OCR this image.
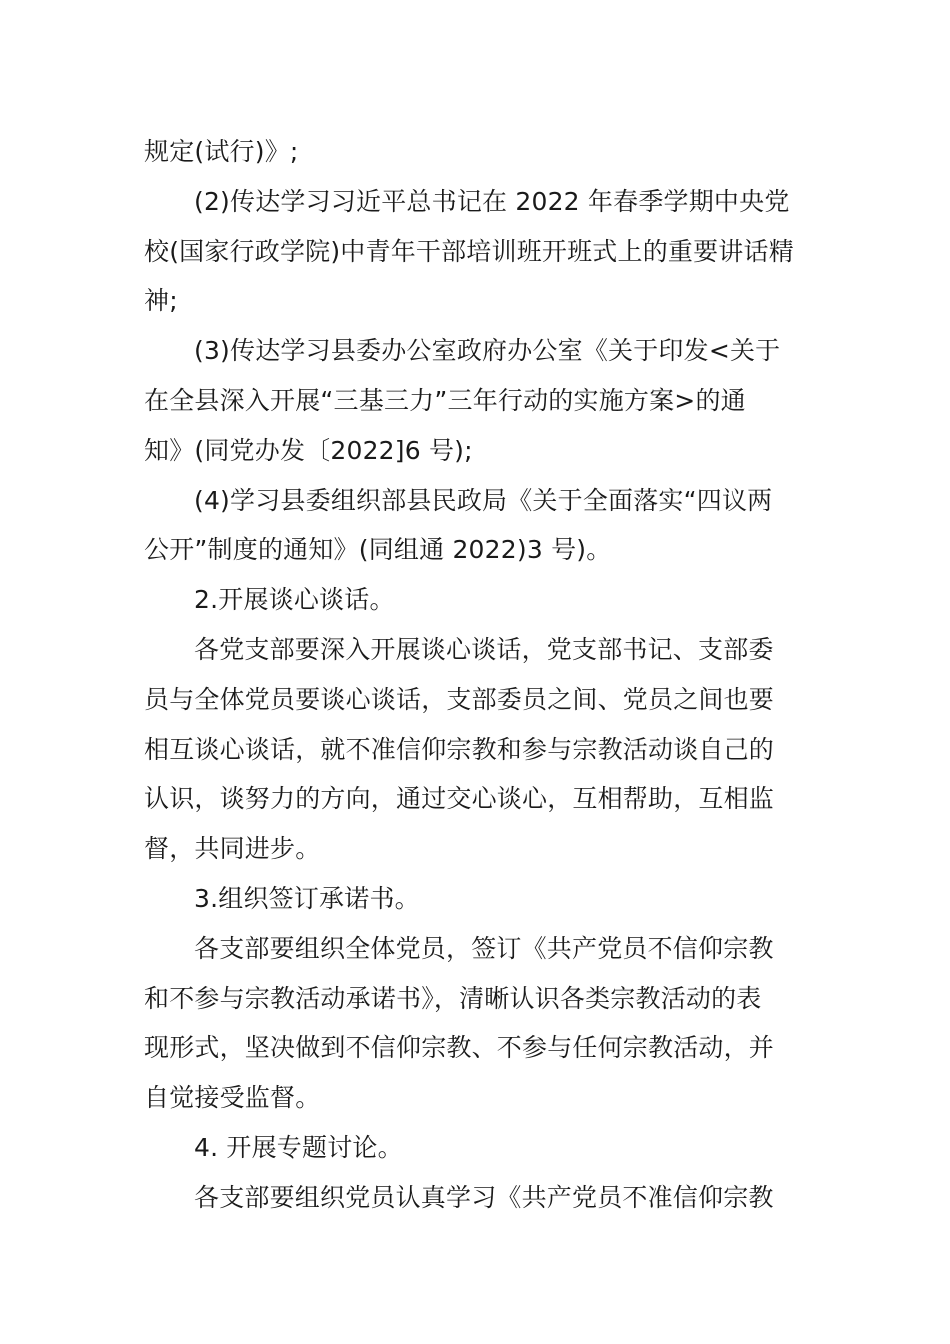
规定(试行)》;
(2)传达学习习近平总书记在 2022 年春季学期中央党
校(国家行政学院)中青年干部培训班开班式上的重要讲话精
神;
(3)传达学习县委办公室政府办公室《关于印发<关于
在全县深入开展“三基三力”三年行动的实施方案>的通
知》(同党办发〔2022]6 号);
(4)学习县委组织部县民政局《关于全面落实“四议两
公开”制度的通知》(同组通 2022)3 号)。
2.开展谈心谈话。
各党支部要深入开展谈心谈话，党支部书记、支部委
员与全体党员要谈心谈话，支部委员之间、党员之间也要
相互谈心谈话，就不准信仰宗教和参与宗教活动谈自己的
认识，谈努力的方向，通过交心谈心，互相帮助，互相监
督，共同进步。
3.组织签订承诺书。
各支部要组织全体党员，签订《共产党员不信仰宗教
和不参与宗教活动承诺书》，清晰认识各类宗教活动的表
现形式，坚决做到不信仰宗教、不参与任何宗教活动，并
自觉接受监督。
4. 开展专题讨论。
各支部要组织党员认真学习《共产党员不准信仰宗教
